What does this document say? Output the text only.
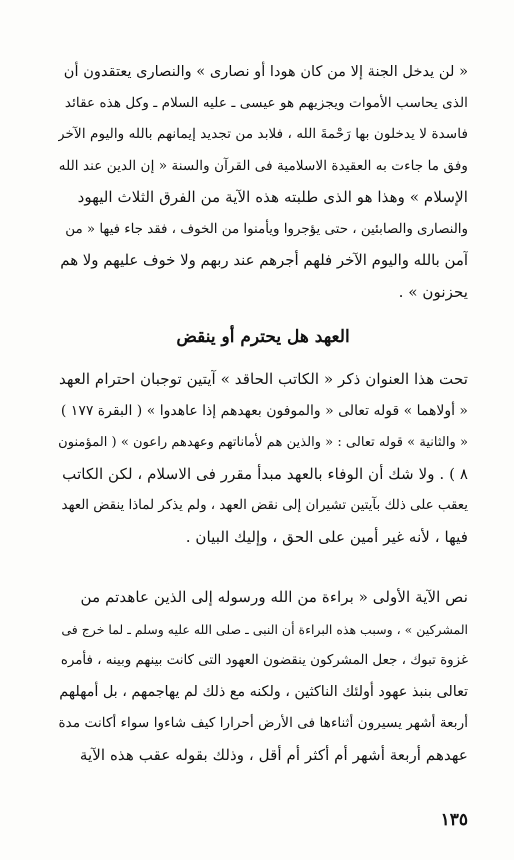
« لن يدخل الجنة إلا من كان هودا أو نصارى » والنصارى يعتقدون أن

الذى يحاسب الأموات ويجزيهم هو عيسى ـ عليه السلام ـ وكل هذه عقائد

فاسدة لا يدخلون بها رَحْمةَ الله ، فلابد من تجديد إيمانهم بالله واليوم الآخر

وفق ما جاءت به العقيدة الاسلامية فى القرآن والسنة « إن الدين عند الله

الإسلام » وهذا هو الذى طلبته هذه الآية من الفرق الثلاث اليهود

والنصارى والصابئين ، حتى يؤجروا ويأمنوا من الخوف ، فقد جاء فيها « من

آمن بالله واليوم الآخر فلهم أجرهم عند ربهم ولا خوف عليهم ولا هم

يحزنون » .

العهد هل يحترم أو ينقض

تحت هذا العنوان ذكر « الكاتب الحاقد » آيتين توجبان احترام العهد

« أولاهما » قوله تعالى « والموفون بعهدهم إذا عاهدوا » ( البقرة ١٧٧ )

« والثانية » قوله تعالى : « والذين هم لأماناتهم وعهدهم راعون » ( المؤمنون

٨ ) . ولا شك أن الوفاء بالعهد مبدأ مقرر فى الاسلام ، لكن الكاتب

يعقب على ذلك بآيتين تشيران إلى نقض العهد ، ولم يذكر لماذا ينقض العهد

فيها ، لأنه غير أمين على الحق ، وإليك البيان .

نص الآية الأولى « براءة من الله ورسوله إلى الذين عاهدتم من

المشركين » ، وسبب هذه البراءة أن النبى ـ صلى الله عليه وسلم ـ لما خرج فى

غزوة تبوك ، جعل المشركون ينقضون العهود التى كانت بينهم وبينه ، فأمره

تعالى بنبذ عهود أولئك الناكثين ، ولكنه مع ذلك لم يهاجمهم ، بل أمهلهم

أربعة أشهر يسيرون أثناءها فى الأرض أحرارا كيف شاءوا سواء أكانت مدة

عهدهم أربعة أشهر أم أكثر أم أقل ، وذلك بقوله عقب هذه الآية

١٣٥
